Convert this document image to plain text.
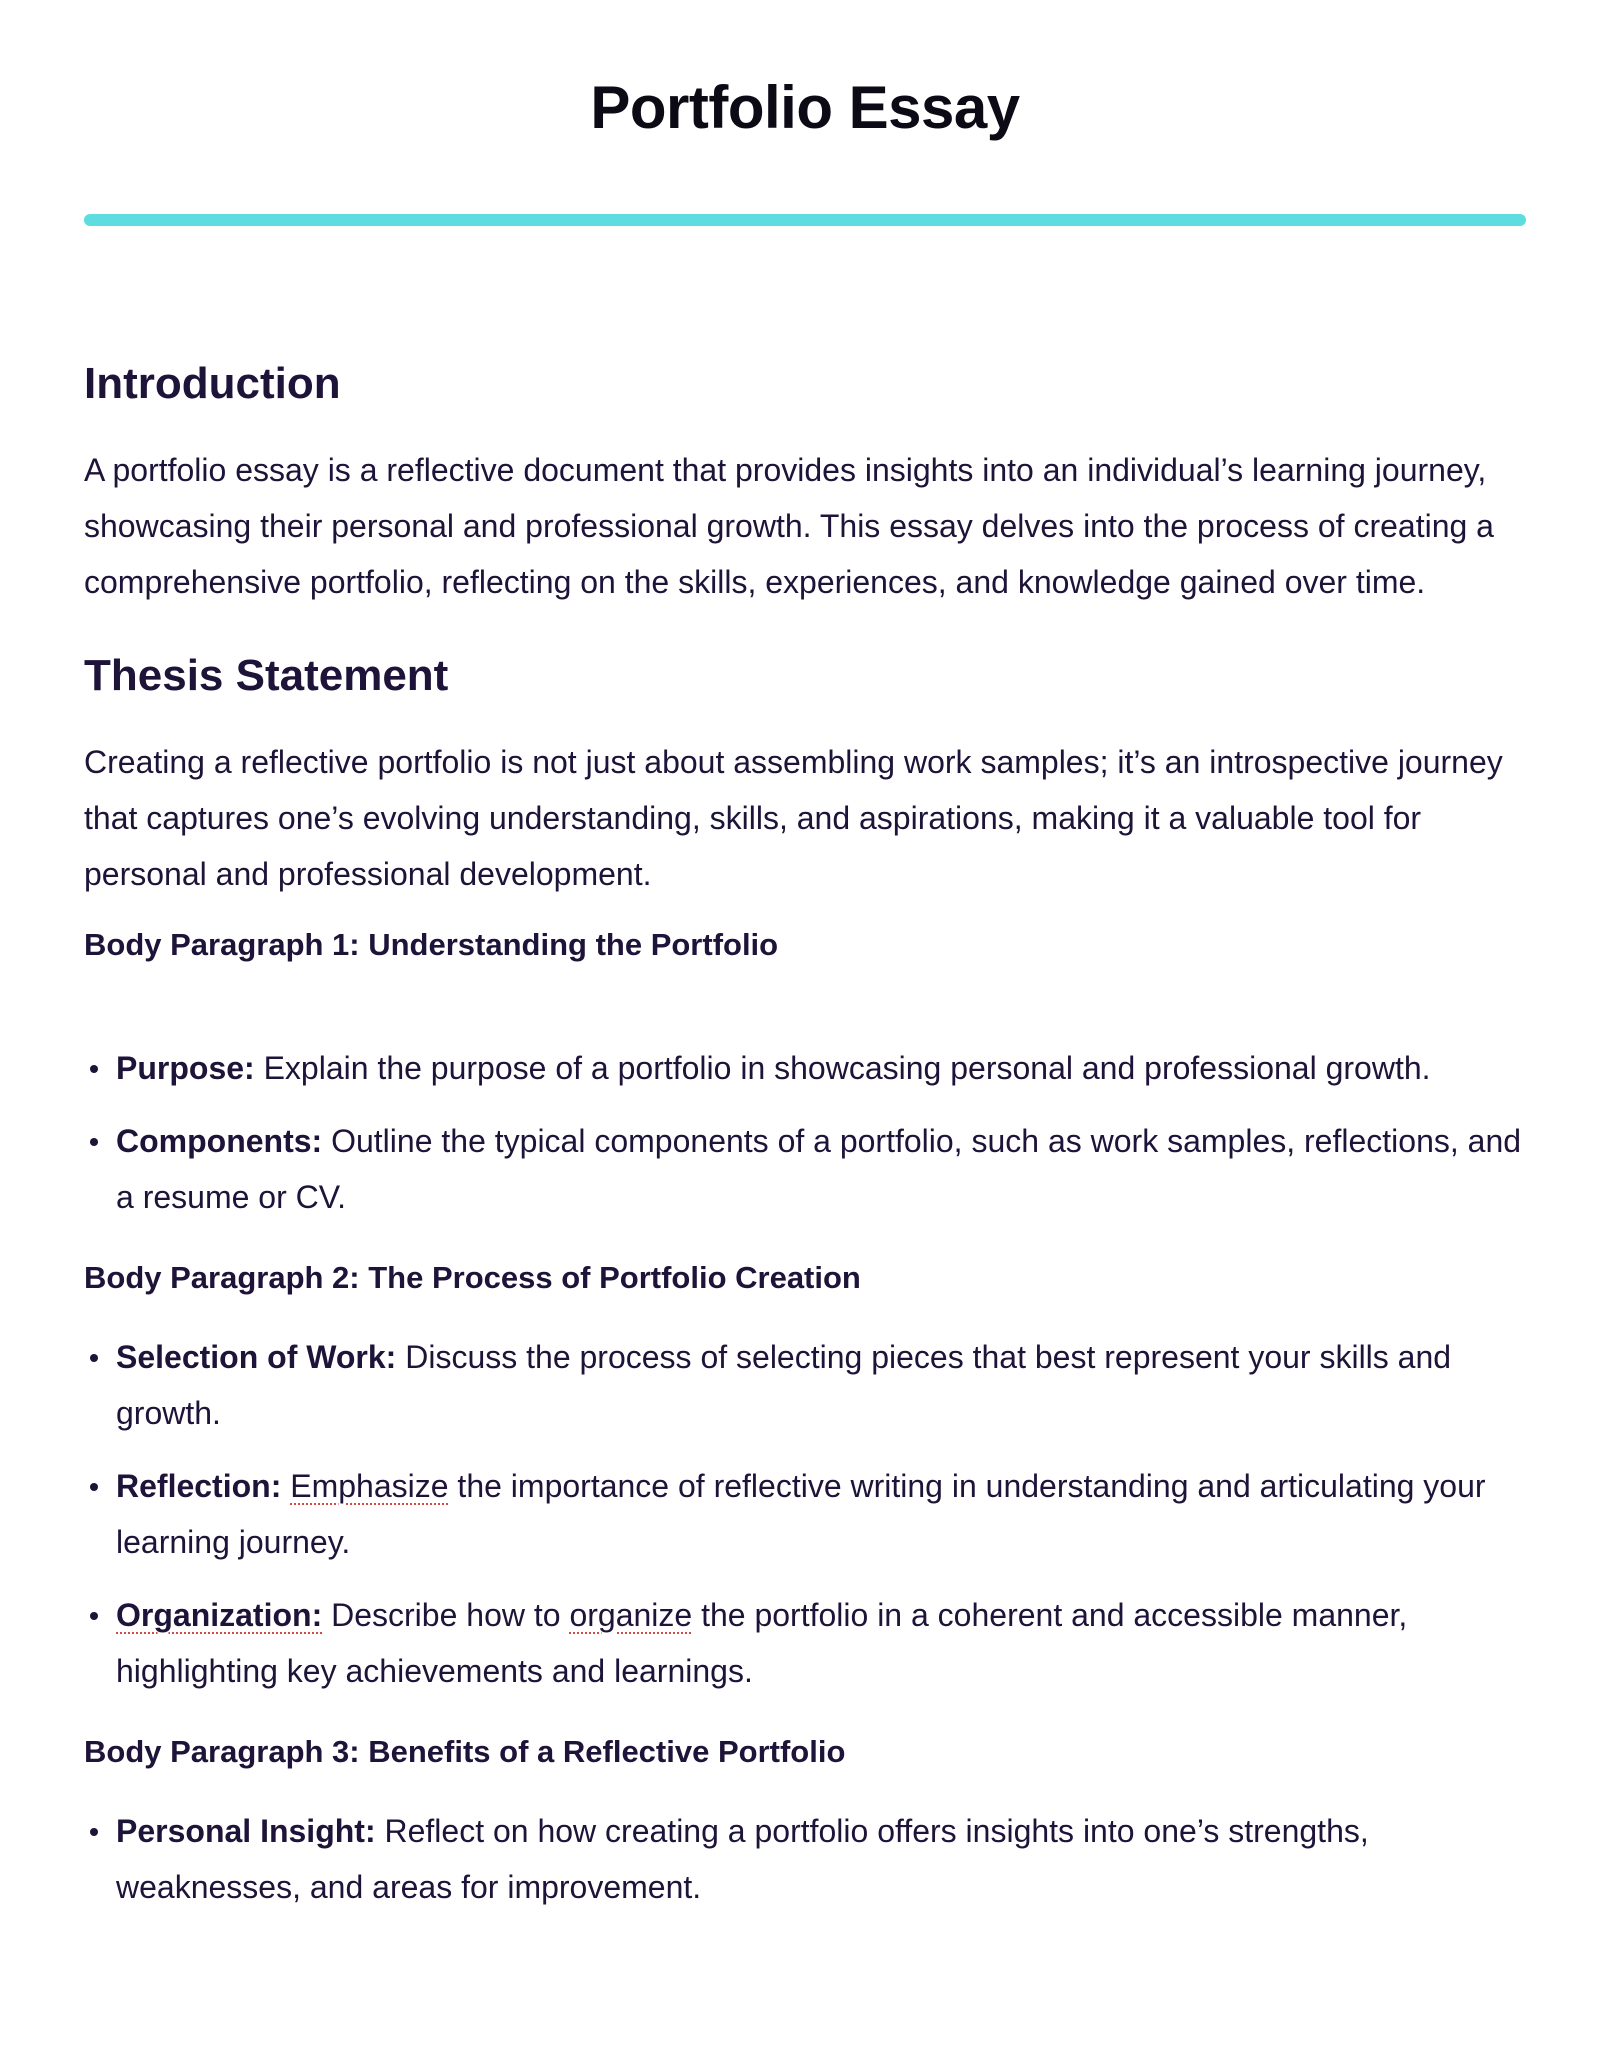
Portfolio Essay
Introduction

A portfolio essay is a reflective document that provides insights into an individual’s learning journey, showcasing their personal and professional growth. This essay delves into the process of creating a comprehensive portfolio, reflecting on the skills, experiences, and knowledge gained over time.

Thesis Statement

Creating a reflective portfolio is not just about assembling work samples; it’s an introspective journey that captures one’s evolving understanding, skills, and aspirations, making it a valuable tool for personal and professional development.

Body Paragraph 1: Understanding the Portfolio
Purpose: Explain the purpose of a portfolio in showcasing personal and professional growth.
Components: Outline the typical components of a portfolio, such as work samples, reflections, and a resume or CV.
Body Paragraph 2: The Process of Portfolio Creation
Selection of Work: Discuss the process of selecting pieces that best represent your skills and growth.
Reflection: Emphasize the importance of reflective writing in understanding and articulating your learning journey.
Organization: Describe how to organize the portfolio in a coherent and accessible manner, highlighting key achievements and learnings.
Body Paragraph 3: Benefits of a Reflective Portfolio
Personal Insight: Reflect on how creating a portfolio offers insights into one’s strengths, weaknesses, and areas for improvement.
